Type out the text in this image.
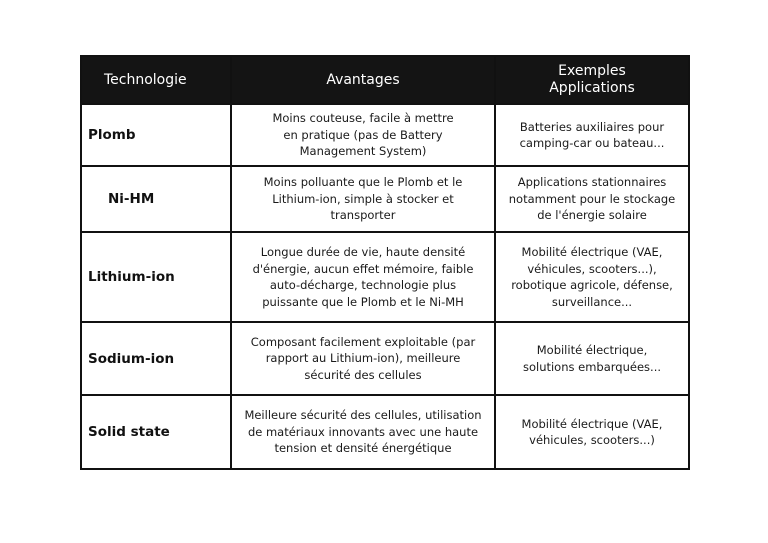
Technologie	Avantages	Exemples
Applications

Plomb	Moins couteuse, facile à mettre
en pratique (pas de Battery
Management System)	Batteries auxiliaires pour
camping-car ou bateau...

Ni-HM	Moins polluante que le Plomb et le
Lithium-ion, simple à stocker et
transporter	Applications stationnaires
notamment pour le stockage
de l'énergie solaire

Lithium-ion	Longue durée de vie, haute densité
d'énergie, aucun effet mémoire, faible
auto-décharge, technologie plus
puissante que le Plomb et le Ni-MH	Mobilité électrique (VAE,
véhicules, scooters...),
robotique agricole, défense,
surveillance...

Sodium-ion	Composant facilement exploitable (par
rapport au Lithium-ion), meilleure
sécurité des cellules	Mobilité électrique,
solutions embarquées...

Solid state	Meilleure sécurité des cellules, utilisation
de matériaux innovants avec une haute
tension et densité énergétique	Mobilité électrique (VAE,
véhicules, scooters...)
